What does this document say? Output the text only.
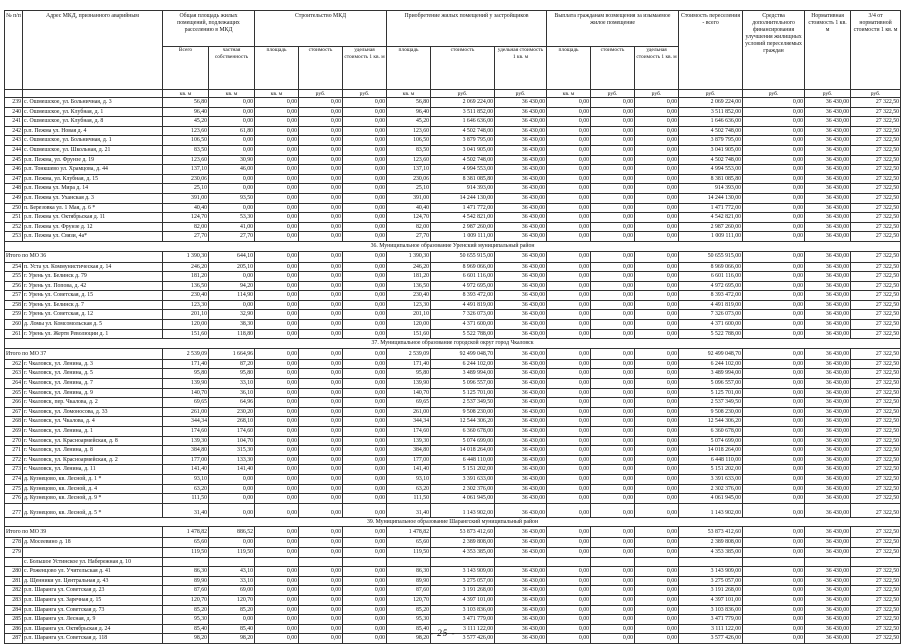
№ п/п	Адрес МКД, признанного аварийным	Общая площадь жилых помещений, подлежащих расселению в МКД		Строительство МКД			Приобретение жилых помещений у застройщиков			Выплата гражданам возмещения за изымаемое жилое помещение			Стоимость переселения - всего	Средства дополнительного финансирования улучшения жилищных условий переселяемых граждан	Нормативная стоимость 1 кв. м	3/4 от нормативной стоимости 1 кв. м
		Всего	частная собственность	площадь	стоимость	удельная стоимость 1 кв. м	площадь	стоимость	удельная стоимость 1 кв. м	площадь	стоимость	удельная стоимость 1 кв. м				
		кв. м	кв. м	кв. м	руб.	руб.	кв. м	руб.	руб.	кв. м	руб.	руб.	руб.	руб.	руб.	руб.
239	с. Ошмешское, ул. Больничная, д. 3	56,80	0,00	0,00	0,00	0,00	56,80	2 069 224,00	36 430,00	0,00	0,00	0,00	2 069 224,00	0,00	36 430,00	27 322,50
240	с. Ошмешское, ул. Клубная, д. 1	96,40	0,00	0,00	0,00	0,00	96,40	3 511 852,00	36 430,00	0,00	0,00	0,00	3 511 852,00	0,00	36 430,00	27 322,50
241	с. Ошмешское, ул. Клубная, д. 8	45,20	0,00	0,00	0,00	0,00	45,20	1 646 636,00	36 430,00	0,00	0,00	0,00	1 646 636,00	0,00	36 430,00	27 322,50
242	р.п. Пежма ул. Новая д. 4	123,60	61,80	0,00	0,00	0,00	123,60	4 502 748,00	36 430,00	0,00	0,00	0,00	4 502 748,00	0,00	36 430,00	27 322,50
243	с. Ошмешское, ул. Больничная, д. 1	106,50	0,00	0,00	0,00	0,00	106,50	3 879 795,00	36 430,00	0,00	0,00	0,00	3 879 795,00	0,00	36 430,00	27 322,50
244	с. Ошмешское, ул. Школьная, д. 21	83,50	0,00	0,00	0,00	0,00	83,50	3 041 905,00	36 430,00	0,00	0,00	0,00	3 041 905,00	0,00	36 430,00	27 322,50
245	р.п. Пежма, ул. Фрунзе д. 19	123,60	30,90	0,00	0,00	0,00	123,60	4 502 748,00	36 430,00	0,00	0,00	0,00	4 502 748,00	0,00	36 430,00	27 322,50
246	р.п. Тонкшево ул. Храмцова, д. 44	137,10	46,00	0,00	0,00	0,00	137,10	4 994 553,00	36 430,00	0,00	0,00	0,00	4 994 553,00	0,00	36 430,00	27 322,50
247	р.п. Пежма, ул. Клубная, д. 15	230,06	0,00	0,00	0,00	0,00	230,06	8 381 085,80	36 430,00	0,00	0,00	0,00	8 381 085,80	0,00	36 430,00	27 322,50
248	р.п. Пежма ул. Мира д. 14	25,10	0,00	0,00	0,00	0,00	25,10	914 393,00	36 430,00	0,00	0,00	0,00	914 393,00	0,00	36 430,00	27 322,50
249	р.п. Пежма ул. Уханская д. 3	391,00	93,50	0,00	0,00	0,00	391,00	14 244 130,00	36 430,00	0,00	0,00	0,00	14 244 130,00	0,00	36 430,00	27 322,50
250	п. Березовка ул. 1 Мая, д. 6 *	40,40	0,00	0,00	0,00	0,00	40,40	1 471 772,00	36 430,00	0,00	0,00	0,00	1 471 772,00	0,00	36 430,00	27 322,50
251	р.п. Пежма ул. Октябрьская д. 11	124,70	53,30	0,00	0,00	0,00	124,70	4 542 821,00	36 430,00	0,00	0,00	0,00	4 542 821,00	0,00	36 430,00	27 322,50
252	р.п. Пежма ул. Фрунзе д. 12	82,00	41,00	0,00	0,00	0,00	82,00	2 987 260,00	36 430,00	0,00	0,00	0,00	2 987 260,00	0,00	36 430,00	27 322,50
253	р.п. Пежма ул. Связи, 4а*	27,70	27,70	0,00	0,00	0,00	27,70	1 009 111,00	36 430,00	0,00	0,00	0,00	1 009 111,00	0,00	36 430,00	27 322,50
36. Муниципальное образование Уренский муниципальный район																
Итого по МО 36		1 390,30	644,10	0,00	0,00	0,00	1 390,30	50 655 915,00	36 430,00	0,00	0,00	0,00	50 655 915,00	0,00	36 430,00	27 322,50
254	п. Уста ул. Коммунистическая д. 14	246,20	205,10	0,00	0,00	0,00	246,20	8 969 066,00	36 430,00	0,00	0,00	0,00	8 969 066,00	0,00	36 430,00	27 322,50
255	г. Урень ул. Белинск д. 79	181,20	0,00	0,00	0,00	0,00	181,20	6 601 116,00	36 430,00	0,00	0,00	0,00	6 601 116,00	0,00	36 430,00	27 322,50
256	г. Урень ул. Попова, д. 42	136,50	94,20	0,00	0,00	0,00	136,50	4 972 695,00	36 430,00	0,00	0,00	0,00	4 972 695,00	0,00	36 430,00	27 322,50
257	г. Урень ул. Советская, д. 15	230,40	114,90	0,00	0,00	0,00	230,40	8 393 472,00	36 430,00	0,00	0,00	0,00	8 393 472,00	0,00	36 430,00	27 322,50
258	г. Урень ул. Белинск д. 7	123,30	0,00	0,00	0,00	0,00	123,30	4 491 819,00	36 430,00	0,00	0,00	0,00	4 491 819,00	0,00	36 430,00	27 322,50
259	г. Урень ул. Советская, д. 12	201,10	32,90	0,00	0,00	0,00	201,10	7 326 073,00	36 430,00	0,00	0,00	0,00	7 326 073,00	0,00	36 430,00	27 322,50
260	д. Ломы ул. Комсомольская д. 5	120,00	38,30	0,00	0,00	0,00	120,00	4 371 600,00	36 430,00	0,00	0,00	0,00	4 371 600,00	0,00	36 430,00	27 322,50
261	г. Урень ул. Жертв Революции д. 1	151,60	118,80	0,00	0,00	0,00	151,60	5 522 788,00	36 430,00	0,00	0,00	0,00	5 522 788,00	0,00	36 430,00	27 322,50
37. Муниципальное образование городской округ город Чкаловск																
Итого по МО 37		2 539,09	1 664,96	0,00	0,00	0,00	2 539,09	92 499 048,70	36 430,00	0,00	0,00	0,00	92 499 048,70	0,00	36 430,00	27 322,50
262	г. Чкаловск, ул. Ленина, д. 3	171,40	87,20	0,00	0,00	0,00	171,40	6 244 102,00	36 430,00	0,00	0,00	0,00	6 244 102,00	0,00	36 430,00	27 322,50
263	г. Чкаловск, ул. Ленина, д. 5	95,80	95,80	0,00	0,00	0,00	95,80	3 489 994,00	36 430,00	0,00	0,00	0,00	3 489 994,00	0,00	36 430,00	27 322,50
264	г. Чкаловск, ул. Ленина, д. 7	139,90	33,10	0,00	0,00	0,00	139,90	5 096 557,00	36 430,00	0,00	0,00	0,00	5 096 557,00	0,00	36 430,00	27 322,50
265	г. Чкаловск, ул. Ленина, д. 9	140,70	36,10	0,00	0,00	0,00	140,70	5 125 701,00	36 430,00	0,00	0,00	0,00	5 125 701,00	0,00	36 430,00	27 322,50
266	г. Чкаловск, пер. Чкалова, д. 2	69,65	64,96	0,00	0,00	0,00	69,65	2 537 349,50	36 430,00	0,00	0,00	0,00	2 537 349,50	0,00	36 430,00	27 322,50
267	г. Чкаловск, ул. Ломоносова, д. 33	261,00	230,20	0,00	0,00	0,00	261,00	9 508 230,00	36 430,00	0,00	0,00	0,00	9 508 230,00	0,00	36 430,00	27 322,50
268	г. Чкаловск, ул. Чкалова, д. 4	344,34	268,10	0,00	0,00	0,00	344,34	12 544 306,20	36 430,00	0,00	0,00	0,00	12 544 306,20	0,00	36 430,00	27 322,50
269	г. Чкаловск, ул. Ленина, д. 1	174,60	174,60	0,00	0,00	0,00	174,60	6 360 678,00	36 430,00	0,00	0,00	0,00	6 360 678,00	0,00	36 430,00	27 322,50
270	г. Чкаловск, ул. Красноармейская, д. 8	139,30	104,70	0,00	0,00	0,00	139,30	5 074 699,00	36 430,00	0,00	0,00	0,00	5 074 699,00	0,00	36 430,00	27 322,50
271	г. Чкаловск, ул. Ленина, д. 8	384,80	315,30	0,00	0,00	0,00	384,80	14 018 264,00	36 430,00	0,00	0,00	0,00	14 018 264,00	0,00	36 430,00	27 322,50
272	г. Чкаловск, ул. Красноармейская, д. 2	177,00	133,30	0,00	0,00	0,00	177,00	6 448 110,00	36 430,00	0,00	0,00	0,00	6 448 110,00	0,00	36 430,00	27 322,50
273	г. Чкаловск, ул. Ленина, д. 11	141,40	141,40	0,00	0,00	0,00	141,40	5 151 202,00	36 430,00	0,00	0,00	0,00	5 151 202,00	0,00	36 430,00	27 322,50
274	д. Кузнецово, кв. Лесной, д. 1 *	93,10	0,00	0,00	0,00	0,00	93,10	3 391 633,00	36 430,00	0,00	0,00	0,00	3 391 633,00	0,00	36 430,00	27 322,50
275	д. Кузнецово, кв. Лесной, д. 4	63,20	0,00	0,00	0,00	0,00	63,20	2 302 376,00	36 430,00	0,00	0,00	0,00	2 302 376,00	0,00	36 430,00	27 322,50
276	д. Кузнецово, кв. Лесной, д. 9 *	111,50	0,00	0,00	0,00	0,00	111,50	4 061 945,00	36 430,00	0,00	0,00	0,00	4 061 945,00	0,00	36 430,00	27 322,50
277	д. Кузнецово, кв. Лесной, д. 5 *	31,40	0,00	0,00	0,00	0,00	31,40	1 143 902,00	36 430,00	0,00	0,00	0,00	1 143 902,00	0,00	36 430,00	27 322,50
39. Муниципальное образование Шарангский муниципальный район																
Итого по МО 39		1 478,82	886,52	0,00	0,00	0,00	1 478,82	53 873 412,60	36 430,00	0,00	0,00	0,00	53 873 412,60	0,00	36 430,00	27 322,50
278	д. Мосеевино д. 18	65,60	0,00	0,00	0,00	0,00	65,60	2 389 808,00	36 430,00	0,00	0,00	0,00	2 389 808,00	0,00	36 430,00	27 322,50
279		119,50	119,50	0,00	0,00	0,00	119,50	4 353 385,00	36 430,00	0,00	0,00	0,00	4 353 385,00	0,00	36 430,00	27 322,50
	с. Большое Устинское ул. Набережная д. 10															
280	с. Роженцово ул. Учительская д. 41	86,30	43,10	0,00	0,00	0,00	86,30	3 143 909,00	36 430,00	0,00	0,00	0,00	3 143 909,00	0,00	36 430,00	27 322,50
281	д. Щенники ул. Центральная д. 43	89,90	33,10	0,00	0,00	0,00	89,90	3 275 057,00	36 430,00	0,00	0,00	0,00	3 275 057,00	0,00	36 430,00	27 322,50
282	р.п. Шаранга ул. Советская д. 23	87,60	69,00	0,00	0,00	0,00	87,60	3 191 268,00	36 430,00	0,00	0,00	0,00	3 191 268,00	0,00	36 430,00	27 322,50
283	р.п. Шаранга ул. Заречная д. 15	120,70	120,70	0,00	0,00	0,00	120,70	4 397 101,00	36 430,00	0,00	0,00	0,00	4 397 101,00	0,00	36 430,00	27 322,50
284	р.п. Шаранга ул. Советская д. 73	85,20	85,20	0,00	0,00	0,00	85,20	3 103 836,00	36 430,00	0,00	0,00	0,00	3 103 836,00	0,00	36 430,00	27 322,50
285	р.п. Шаранга ул. Лесная, д. 9	95,30	0,00	0,00	0,00	0,00	95,30	3 471 779,00	36 430,00	0,00	0,00	0,00	3 471 779,00	0,00	36 430,00	27 322,50
286	р.п. Шаранга ул. Октябрьская д. 24	85,40	85,40	0,00	0,00	0,00	85,40	3 111 122,00	36 430,00	0,00	0,00	0,00	3 111 122,00	0,00	36 430,00	27 322,50
287	р.п. Шаранга ул. Советская д. 118	98,20	98,20	0,00	0,00	0,00	98,20	3 577 426,00	36 430,00	0,00	0,00	0,00	3 577 426,00	0,00	36 430,00	27 322,50
- 25 -
